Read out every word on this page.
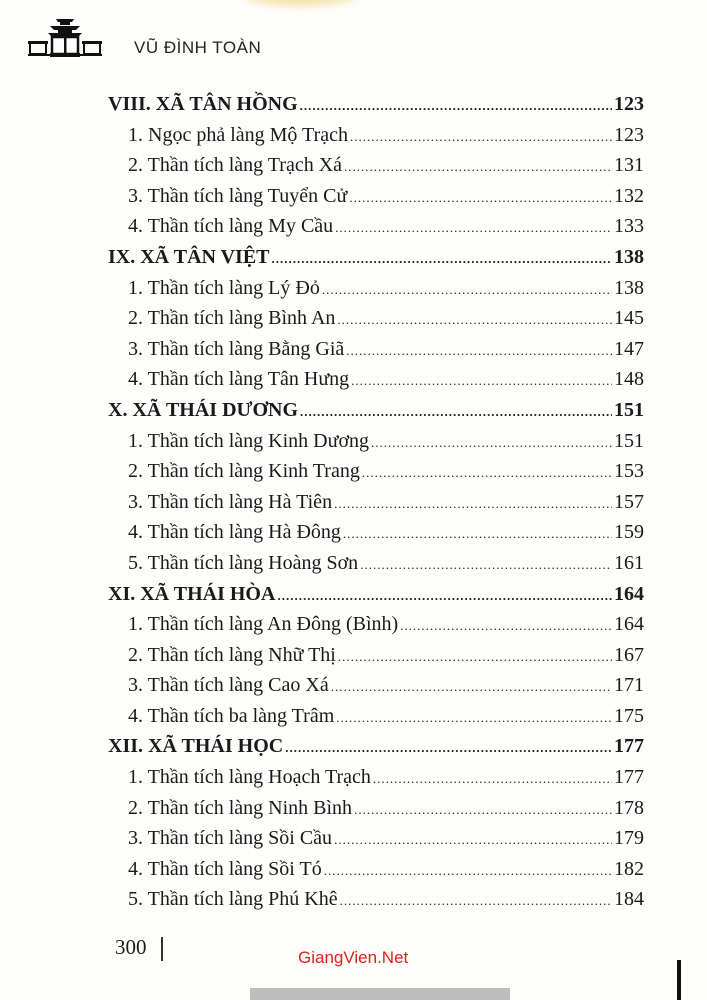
VŨ ĐÌNH TOÀN
VIII. XÃ TÂN HỒNG .....	123
1. Ngọc phả làng Mộ Trạch .....	123
2. Thần tích làng Trạch Xá .....	131
3. Thần tích làng Tuyển Cử .....	132
4. Thần tích làng My Cầu .....	133
IX. XÃ TÂN VIỆT .....	138
1. Thần tích làng Lý Đỏ .....	138
2. Thần tích làng Bình An .....	145
3. Thần tích làng Bằng Giã .....	147
4. Thần tích làng Tân Hưng .....	148
X. XÃ THÁI DƯƠNG .....	151
1. Thần tích làng Kinh Dương .....	151
2. Thần tích làng Kinh Trang .....	153
3. Thần tích làng Hà Tiên .....	157
4. Thần tích làng Hà Đông .....	159
5. Thần tích làng Hoàng Sơn .....	161
XI. XÃ THÁI HÒA .....	164
1. Thần tích làng An Đông (Bình) .....	164
2. Thần tích làng Nhữ Thị .....	167
3. Thần tích làng Cao Xá .....	171
4. Thần tích ba làng Trâm .....	175
XII. XÃ THÁI HỌC .....	177
1. Thần tích làng Hoạch Trạch .....	177
2. Thần tích làng Ninh Bình .....	178
3. Thần tích làng Sồi Cầu .....	179
4. Thần tích làng Sồi Tó .....	182
5. Thần tích làng Phú Khê .....	184
300	GiangVien.Net
